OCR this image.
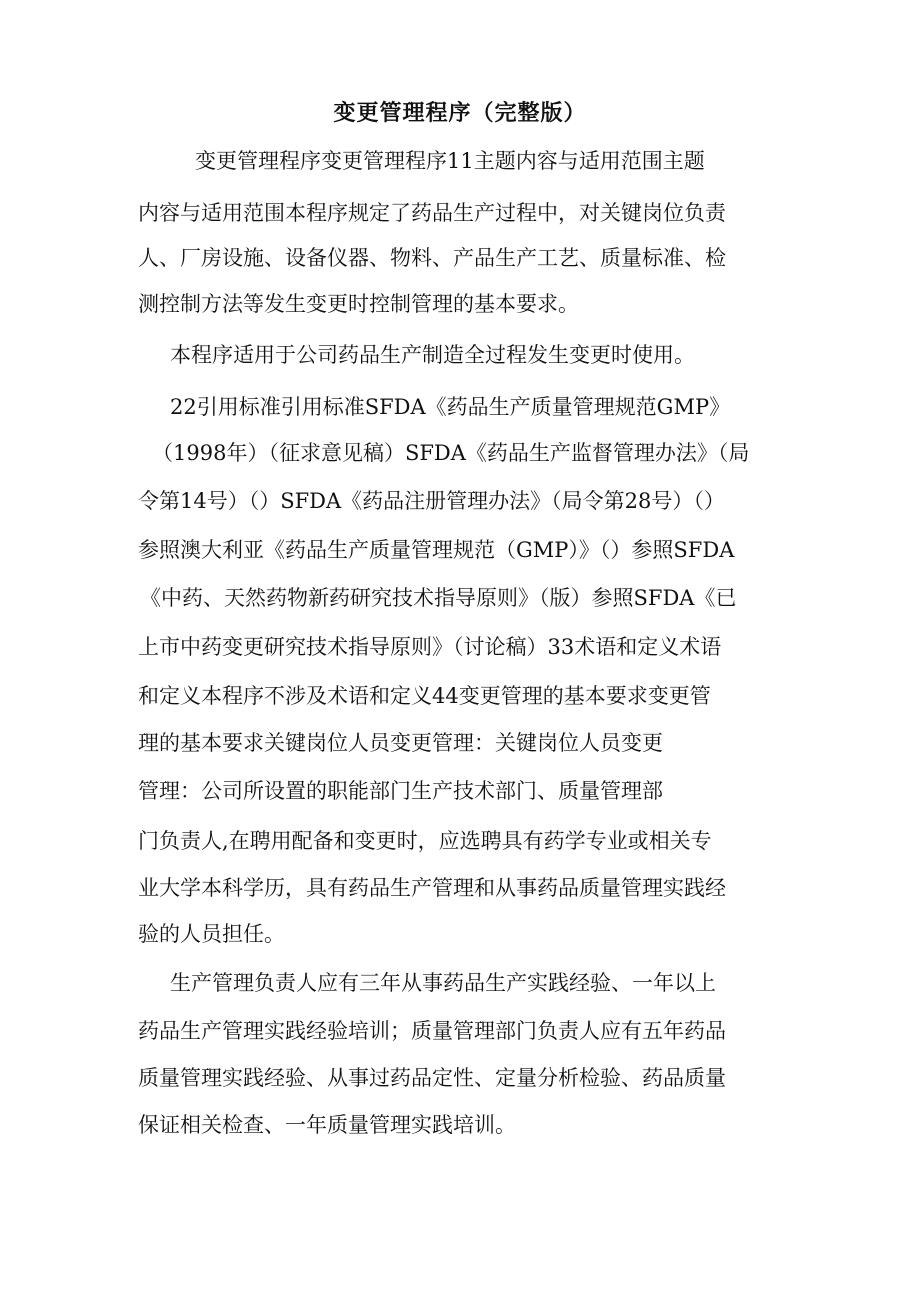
变更管理程序（完整版）
变更管理程序变更管理程序11主题内容与适用范围主题
内容与适用范围本程序规定了药品生产过程中，对关键岗位负责
人、厂房设施、设备仪器、物料、产品生产工艺、质量标准、检
测控制方法等发生变更时控制管理的基本要求。
本程序适用于公司药品生产制造全过程发生变更时使用。
22引用标准引用标准SFDA《药品生产质量管理规范GMP》
（1998年）（征求意见稿）SFDA《药品生产监督管理办法》（局
令第14号）（）SFDA《药品注册管理办法》（局令第28号）（）
参照澳大利亚《药品生产质量管理规范（GMP）》（）参照SFDA
《中药、天然药物新药研究技术指导原则》（版）参照SFDA《已
上市中药变更研究技术指导原则》（讨论稿）33术语和定义术语
和定义本程序不涉及术语和定义44变更管理的基本要求变更管
理的基本要求关键岗位人员变更管理：关键岗位人员变更
管理：公司所设置的职能部门生产技术部门、质量管理部
门负责人,在聘用配备和变更时，应选聘具有药学专业或相关专
业大学本科学历，具有药品生产管理和从事药品质量管理实践经
验的人员担任。
生产管理负责人应有三年从事药品生产实践经验、一年以上
药品生产管理实践经验培训；质量管理部门负责人应有五年药品
质量管理实践经验、从事过药品定性、定量分析检验、药品质量
保证相关检查、一年质量管理实践培训。
